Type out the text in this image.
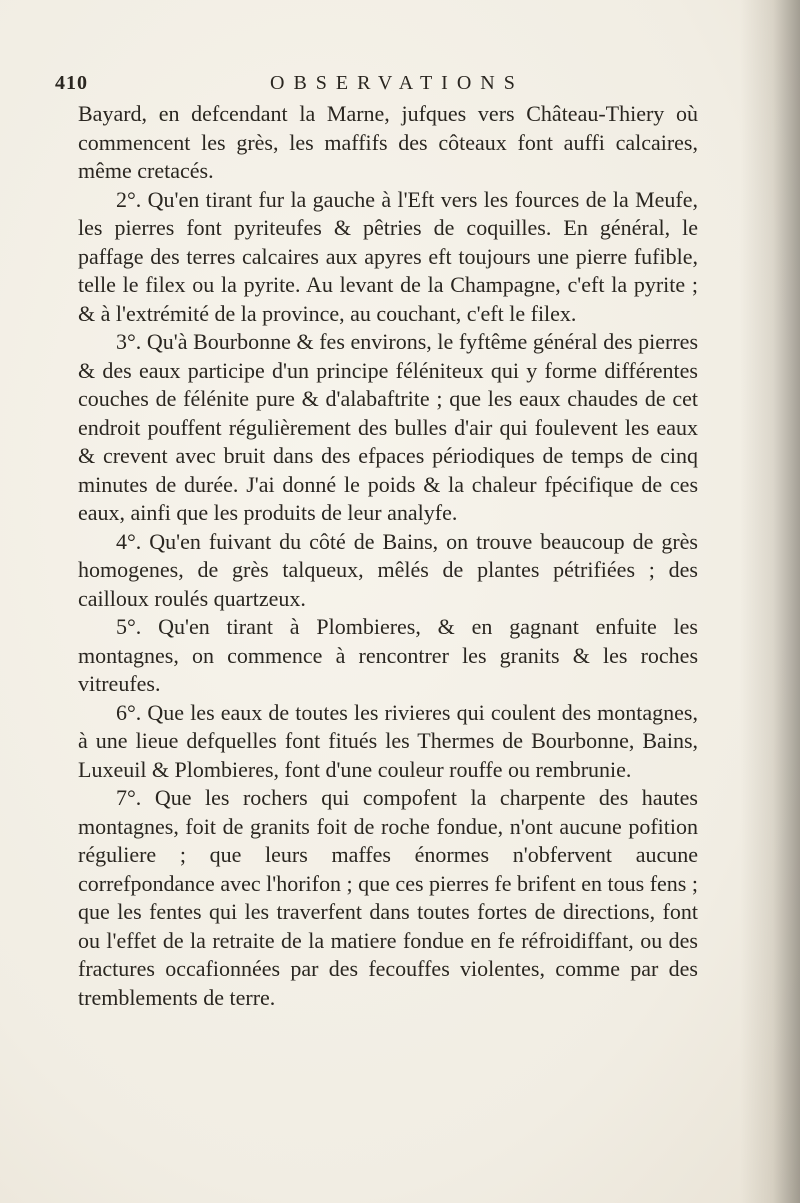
410	OBSERVATIONS

Bayard, en defcendant la Marne, jufques vers Château-Thiery où commencent les grès, les maffifs des côteaux font auffi calcaires, même cretacés.

2°. Qu'en tirant fur la gauche à l'Eft vers les fources de la Meufe, les pierres font pyriteufes & pêtries de coquilles. En général, le paffage des terres calcaires aux apyres eft toujours une pierre fufible, telle le filex ou la pyrite. Au levant de la Champagne, c'eft la pyrite ; & à l'extrémité de la province, au couchant, c'eft le filex.

3°. Qu'à Bourbonne & fes environs, le fyftême général des pierres & des eaux participe d'un principe féléniteux qui y forme différentes couches de félénite pure & d'alabaftrite ; que les eaux chaudes de cet endroit pouffent régulièrement des bulles d'air qui foulevent les eaux & crevent avec bruit dans des efpaces périodiques de temps de cinq minutes de durée. J'ai donné le poids & la chaleur fpécifique de ces eaux, ainfi que les produits de leur analyfe.

4°. Qu'en fuivant du côté de Bains, on trouve beaucoup de grès homogenes, de grès talqueux, mêlés de plantes pétrifiées ; des cailloux roulés quartzeux.

5°. Qu'en tirant à Plombieres, & en gagnant enfuite les montagnes, on commence à rencontrer les granits & les roches vitreufes.

6°. Que les eaux de toutes les rivieres qui coulent des montagnes, à une lieue defquelles font fitués les Thermes de Bourbonne, Bains, Luxeuil & Plombieres, font d'une couleur rouffe ou rembrunie.

7°. Que les rochers qui compofent la charpente des hautes montagnes, foit de granits foit de roche fondue, n'ont aucune pofition réguliere ; que leurs maffes énormes n'obfervent aucune correfpondance avec l'horifon ; que ces pierres fe brifent en tous fens ; que les fentes qui les traverfent dans toutes fortes de directions, font ou l'effet de la retraite de la matiere fondue en fe réfroidiffant, ou des fractures occafionnées par des fecouffes violentes, comme par des tremblements de terre.
